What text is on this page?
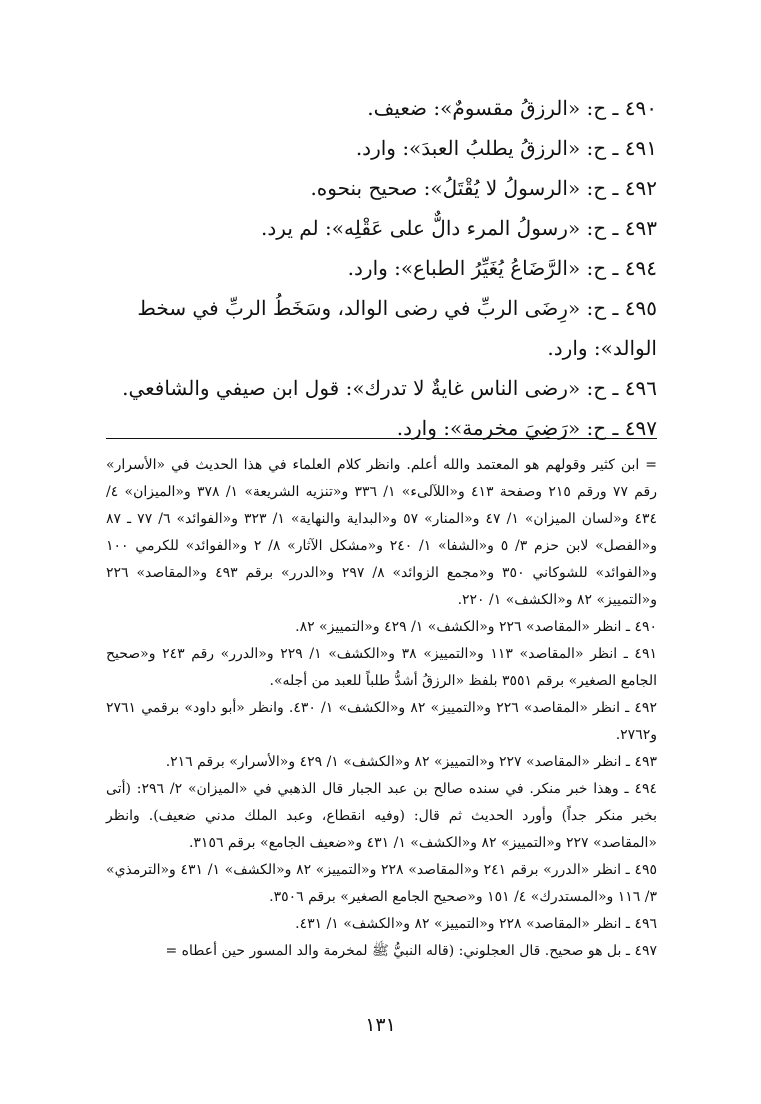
٤٩٠ ـ ح: «الرزقُ مقسومٌ»: ضعيف.
٤٩١ ـ ح: «الرزقُ يطلبُ العبدَ»: وارد.
٤٩٢ ـ ح: «الرسولُ لا يُقْتَلُ»: صحيح بنحوه.
٤٩٣ ـ ح: «رسولُ المرء دالٌّ على عَقْلِه»: لم يرد.
٤٩٤ ـ ح: «الرَّضَاعُ يُغَيِّرُ الطباع»: وارد.
٤٩٥ ـ ح: «رِضَى الربِّ في رضى الوالد، وسَخَطُ الربِّ في سخط الوالد»: وارد.
٤٩٦ ـ ح: «رضى الناس غايةٌ لا تدرك»: قول ابن صيفي والشافعي.
٤٩٧ ـ ح: «رَضِيَ مخرمة»: وارد.

= ابن كثير وقولهم هو المعتمد والله أعلم. وانظر كلام العلماء في هذا الحديث في «الأسرار» رقم ٧٧ ورقم ٢١٥ وصفحة ٤١٣ و«اللآلىء» ١/ ٣٣٦ و«تنزيه الشريعة» ١/ ٣٧٨ و«الميزان» ٤/ ٤٣٤ و«لسان الميزان» ١/ ٤٧ و«المنار» ٥٧ و«البداية والنهاية» ١/ ٣٢٣ و«الفوائد» ٦/ ٧٧ ـ ٨٧ و«الفصل» لابن حزم ٣/ ٥ و«الشفا» ١/ ٢٤٠ و«مشكل الآثار» ٨/ ٢ و«الفوائد» للكرمي ١٠٠ و«الفوائد» للشوكاني ٣٥٠ و«مجمع الزوائد» ٨/ ٢٩٧ و«الدرر» برقم ٤٩٣ و«المقاصد» ٢٢٦ و«التمييز» ٨٢ و«الكشف» ١/ ٢٢٠.

٤٩٠ ـ انظر «المقاصد» ٢٢٦ و«الكشف» ١/ ٤٢٩ و«التمييز» ٨٢.

٤٩١ ـ انظر «المقاصد» ١١٣ و«التمييز» ٣٨ و«الكشف» ١/ ٢٢٩ و«الدرر» رقم ٢٤٣ و«صحيح الجامع الصغير» برقم ٣٥٥١ بلفظ «الرزقُ أشدُّ طلباً للعبد من أجله».

٤٩٢ ـ انظر «المقاصد» ٢٢٦ و«التمييز» ٨٢ و«الكشف» ١/ ٤٣٠. وانظر «أبو داود» برقمي ٢٧٦١ و٢٧٦٢.

٤٩٣ ـ انظر «المقاصد» ٢٢٧ و«التمييز» ٨٢ و«الكشف» ١/ ٤٢٩ و«الأسرار» برقم ٢١٦.

٤٩٤ ـ وهذا خبر منكر. في سنده صالح بن عبد الجبار قال الذهبي في «الميزان» ٢/ ٢٩٦: (أتى بخبر منكر جداً) وأورد الحديث ثم قال: (وفيه انقطاع، وعبد الملك مدني ضعيف). وانظر «المقاصد» ٢٢٧ و«التمييز» ٨٢ و«الكشف» ١/ ٤٣١ و«ضعيف الجامع» برقم ٣١٥٦.

٤٩٥ ـ انظر «الدرر» برقم ٢٤١ و«المقاصد» ٢٢٨ و«التمييز» ٨٢ و«الكشف» ١/ ٤٣١ و«الترمذي» ٣/ ١١٦ و«المستدرك» ٤/ ١٥١ و«صحيح الجامع الصغير» برقم ٣٥٠٦.

٤٩٦ ـ انظر «المقاصد» ٢٢٨ و«التمييز» ٨٢ و«الكشف» ١/ ٤٣١.

٤٩٧ ـ بل هو صحيح. قال العجلوني: (قاله النبيُّ ﷺ لمخرمة والد المسور حين أعطاه =

١٣١
